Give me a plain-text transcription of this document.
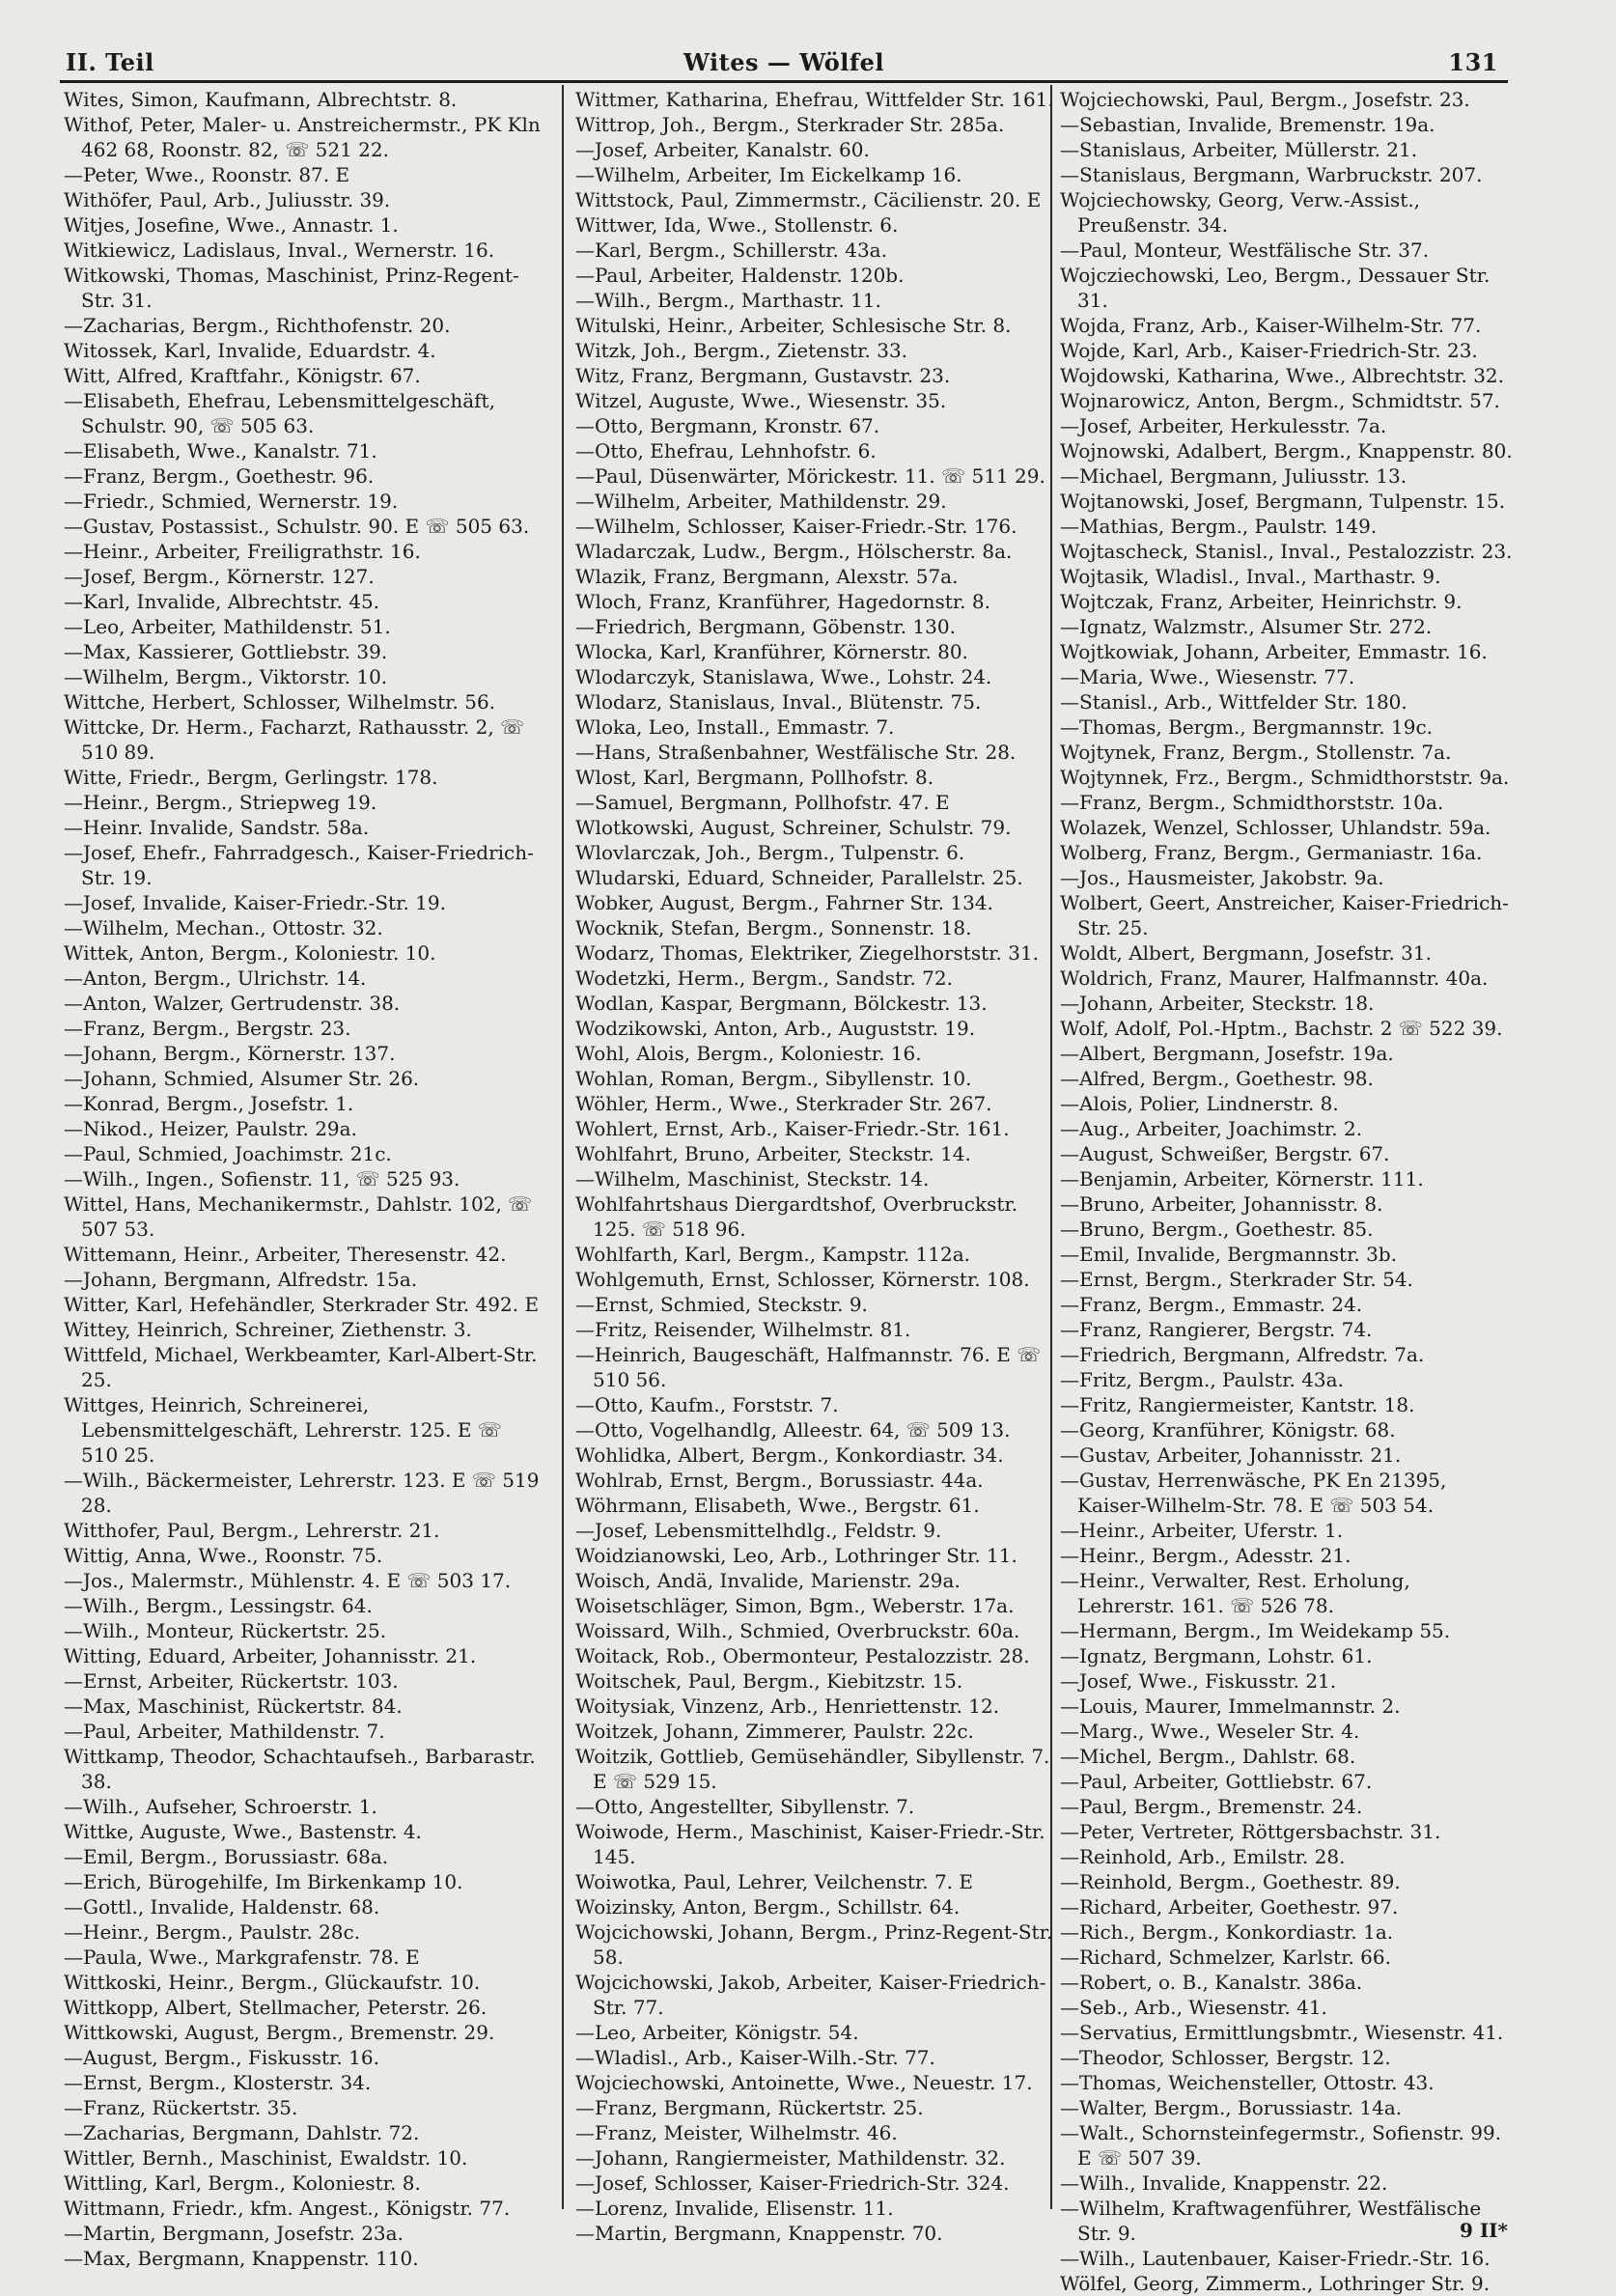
II. Teil	Wites — Wölfel	131

Wites, Simon, Kaufmann, Albrechtstr. 8.

Withof, Peter, Maler- u. Anstreichermstr., PK Kln 462 68, Roonstr. 82, ☏ 521 22.

—Peter, Wwe., Roonstr. 87. E

Withöfer, Paul, Arb., Juliusstr. 39.

Witjes, Josefine, Wwe., Annastr. 1.

Witkiewicz, Ladislaus, Inval., Wernerstr. 16.

Witkowski, Thomas, Maschinist, Prinz-Regent-Str. 31.

—Zacharias, Bergm., Richthofenstr. 20.

Witossek, Karl, Invalide, Eduardstr. 4.

Witt, Alfred, Kraftfahr., Königstr. 67.

—Elisabeth, Ehefrau, Lebensmittelgeschäft, Schulstr. 90, ☏ 505 63.

—Elisabeth, Wwe., Kanalstr. 71.

—Franz, Bergm., Goethestr. 96.

—Friedr., Schmied, Wernerstr. 19.

—Gustav, Postassist., Schulstr. 90. E ☏ 505 63.

—Heinr., Arbeiter, Freiligrathstr. 16.

—Josef, Bergm., Körnerstr. 127.

—Karl, Invalide, Albrechtstr. 45.

—Leo, Arbeiter, Mathildenstr. 51.

—Max, Kassierer, Gottliebstr. 39.

—Wilhelm, Bergm., Viktorstr. 10.

Wittche, Herbert, Schlosser, Wilhelmstr. 56.

Wittcke, Dr. Herm., Facharzt, Rathausstr. 2, ☏ 510 89.

Witte, Friedr., Bergm, Gerlingstr. 178.

—Heinr., Bergm., Striepweg 19.

—Heinr. Invalide, Sandstr. 58a.

—Josef, Ehefr., Fahrradgesch., Kaiser-Friedrich-Str. 19.

—Josef, Invalide, Kaiser-Friedr.-Str. 19.

—Wilhelm, Mechan., Ottostr. 32.

Wittek, Anton, Bergm., Koloniestr. 10.

—Anton, Bergm., Ulrichstr. 14.

—Anton, Walzer, Gertrudenstr. 38.

—Franz, Bergm., Bergstr. 23.

—Johann, Bergm., Körnerstr. 137.

—Johann, Schmied, Alsumer Str. 26.

—Konrad, Bergm., Josefstr. 1.

—Nikod., Heizer, Paulstr. 29a.

—Paul, Schmied, Joachimstr. 21c.

—Wilh., Ingen., Sofienstr. 11, ☏ 525 93.

Wittel, Hans, Mechanikermstr., Dahlstr. 102, ☏ 507 53.

Wittemann, Heinr., Arbeiter, Theresenstr. 42.

—Johann, Bergmann, Alfredstr. 15a.

Witter, Karl, Hefehändler, Sterkrader Str. 492. E

Wittey, Heinrich, Schreiner, Ziethenstr. 3.

Wittfeld, Michael, Werkbeamter, Karl-Albert-Str. 25.

Wittges, Heinrich, Schreinerei, Lebensmittelgeschäft, Lehrerstr. 125. E ☏ 510 25.

—Wilh., Bäckermeister, Lehrerstr. 123. E ☏ 519 28.

Witthofer, Paul, Bergm., Lehrerstr. 21.

Wittig, Anna, Wwe., Roonstr. 75.

—Jos., Malermstr., Mühlenstr. 4. E ☏ 503 17.

—Wilh., Bergm., Lessingstr. 64.

—Wilh., Monteur, Rückertstr. 25.

Witting, Eduard, Arbeiter, Johannisstr. 21.

—Ernst, Arbeiter, Rückertstr. 103.

—Max, Maschinist, Rückertstr. 84.

—Paul, Arbeiter, Mathildenstr. 7.

Wittkamp, Theodor, Schachtaufseh., Barbarastr. 38.

—Wilh., Aufseher, Schroerstr. 1.

Wittke, Auguste, Wwe., Bastenstr. 4.

—Emil, Bergm., Borussiastr. 68a.

—Erich, Bürogehilfe, Im Birkenkamp 10.

—Gottl., Invalide, Haldenstr. 68.

—Heinr., Bergm., Paulstr. 28c.

—Paula, Wwe., Markgrafenstr. 78. E

Wittkoski, Heinr., Bergm., Glückaufstr. 10.

Wittkopp, Albert, Stellmacher, Peterstr. 26.

Wittkowski, August, Bergm., Bremenstr. 29.

—August, Bergm., Fiskusstr. 16.

—Ernst, Bergm., Klosterstr. 34.

—Franz, Rückertstr. 35.

—Zacharias, Bergmann, Dahlstr. 72.

Wittler, Bernh., Maschinist, Ewaldstr. 10.

Wittling, Karl, Bergm., Koloniestr. 8.

Wittmann, Friedr., kfm. Angest., Königstr. 77.

—Martin, Bergmann, Josefstr. 23a.

—Max, Bergmann, Knappenstr. 110.

Wittmer, Katharina, Ehefrau, Wittfelder Str. 161.

Wittrop, Joh., Bergm., Sterkrader Str. 285a.

—Josef, Arbeiter, Kanalstr. 60.

—Wilhelm, Arbeiter, Im Eickelkamp 16.

Wittstock, Paul, Zimmermstr., Cäcilienstr. 20. E

Wittwer, Ida, Wwe., Stollenstr. 6.

—Karl, Bergm., Schillerstr. 43a.

—Paul, Arbeiter, Haldenstr. 120b.

—Wilh., Bergm., Marthastr. 11.

Witulski, Heinr., Arbeiter, Schlesische Str. 8.

Witzk, Joh., Bergm., Zietenstr. 33.

Witz, Franz, Bergmann, Gustavstr. 23.

Witzel, Auguste, Wwe., Wiesenstr. 35.

—Otto, Bergmann, Kronstr. 67.

—Otto, Ehefrau, Lehnhofstr. 6.

—Paul, Düsenwärter, Mörickestr. 11. ☏ 511 29.

—Wilhelm, Arbeiter, Mathildenstr. 29.

—Wilhelm, Schlosser, Kaiser-Friedr.-Str. 176.

Wladarczak, Ludw., Bergm., Hölscherstr. 8a.

Wlazik, Franz, Bergmann, Alexstr. 57a.

Wloch, Franz, Kranführer, Hagedornstr. 8.

—Friedrich, Bergmann, Göbenstr. 130.

Wlocka, Karl, Kranführer, Körnerstr. 80.

Wlodarczyk, Stanislawa, Wwe., Lohstr. 24.

Wlodarz, Stanislaus, Inval., Blütenstr. 75.

Wloka, Leo, Install., Emmastr. 7.

—Hans, Straßenbahner, Westfälische Str. 28.

Wlost, Karl, Bergmann, Pollhofstr. 8.

—Samuel, Bergmann, Pollhofstr. 47. E

Wlotkowski, August, Schreiner, Schulstr. 79.

Wlovlarczak, Joh., Bergm., Tulpenstr. 6.

Wludarski, Eduard, Schneider, Parallelstr. 25.

Wobker, August, Bergm., Fahrner Str. 134.

Wocknik, Stefan, Bergm., Sonnenstr. 18.

Wodarz, Thomas, Elektriker, Ziegelhorststr. 31.

Wodetzki, Herm., Bergm., Sandstr. 72.

Wodlan, Kaspar, Bergmann, Bölckestr. 13.

Wodzikowski, Anton, Arb., Auguststr. 19.

Wohl, Alois, Bergm., Koloniestr. 16.

Wohlan, Roman, Bergm., Sibyllenstr. 10.

Wöhler, Herm., Wwe., Sterkrader Str. 267.

Wohlert, Ernst, Arb., Kaiser-Friedr.-Str. 161.

Wohlfahrt, Bruno, Arbeiter, Steckstr. 14.

—Wilhelm, Maschinist, Steckstr. 14.

Wohlfahrtshaus Diergardtshof, Overbruckstr. 125. ☏ 518 96.

Wohlfarth, Karl, Bergm., Kampstr. 112a.

Wohlgemuth, Ernst, Schlosser, Körnerstr. 108.

—Ernst, Schmied, Steckstr. 9.

—Fritz, Reisender, Wilhelmstr. 81.

—Heinrich, Baugeschäft, Halfmannstr. 76. E ☏ 510 56.

—Otto, Kaufm., Forststr. 7.

—Otto, Vogelhandlg, Alleestr. 64, ☏ 509 13.

Wohlidka, Albert, Bergm., Konkordiastr. 34.

Wohlrab, Ernst, Bergm., Borussiastr. 44a.

Wöhrmann, Elisabeth, Wwe., Bergstr. 61.

—Josef, Lebensmittelhdlg., Feldstr. 9.

Woidzianowski, Leo, Arb., Lothringer Str. 11.

Woisch, Andä, Invalide, Marienstr. 29a.

Woisetschläger, Simon, Bgm., Weberstr. 17a.

Woissard, Wilh., Schmied, Overbruckstr. 60a.

Woitack, Rob., Obermonteur, Pestalozzistr. 28.

Woitschek, Paul, Bergm., Kiebitzstr. 15.

Woitysiak, Vinzenz, Arb., Henriettenstr. 12.

Woitzek, Johann, Zimmerer, Paulstr. 22c.

Woitzik, Gottlieb, Gemüsehändler, Sibyllenstr. 7. E ☏ 529 15.

—Otto, Angestellter, Sibyllenstr. 7.

Woiwode, Herm., Maschinist, Kaiser-Friedr.-Str. 145.

Woiwotka, Paul, Lehrer, Veilchenstr. 7. E

Woizinsky, Anton, Bergm., Schillstr. 64.

Wojcichowski, Johann, Bergm., Prinz-Regent-Str. 58.

Wojcichowski, Jakob, Arbeiter, Kaiser-Friedrich-Str. 77.

—Leo, Arbeiter, Königstr. 54.

—Wladisl., Arb., Kaiser-Wilh.-Str. 77.

Wojciechowski, Antoinette, Wwe., Neuestr. 17.

—Franz, Bergmann, Rückertstr. 25.

—Franz, Meister, Wilhelmstr. 46.

—Johann, Rangiermeister, Mathildenstr. 32.

—Josef, Schlosser, Kaiser-Friedrich-Str. 324.

—Lorenz, Invalide, Elisenstr. 11.

—Martin, Bergmann, Knappenstr. 70.

Wojciechowski, Paul, Bergm., Josefstr. 23.

—Sebastian, Invalide, Bremenstr. 19a.

—Stanislaus, Arbeiter, Müllerstr. 21.

—Stanislaus, Bergmann, Warbruckstr. 207.

Wojciechowsky, Georg, Verw.-Assist., Preußenstr. 34.

—Paul, Monteur, Westfälische Str. 37.

Wojcziechowski, Leo, Bergm., Dessauer Str. 31.

Wojda, Franz, Arb., Kaiser-Wilhelm-Str. 77.

Wojde, Karl, Arb., Kaiser-Friedrich-Str. 23.

Wojdowski, Katharina, Wwe., Albrechtstr. 32.

Wojnarowicz, Anton, Bergm., Schmidtstr. 57.

—Josef, Arbeiter, Herkulesstr. 7a.

Wojnowski, Adalbert, Bergm., Knappenstr. 80.

—Michael, Bergmann, Juliusstr. 13.

Wojtanowski, Josef, Bergmann, Tulpenstr. 15.

—Mathias, Bergm., Paulstr. 149.

Wojtascheck, Stanisl., Inval., Pestalozzistr. 23.

Wojtasik, Wladisl., Inval., Marthastr. 9.

Wojtczak, Franz, Arbeiter, Heinrichstr. 9.

—Ignatz, Walzmstr., Alsumer Str. 272.

Wojtkowiak, Johann, Arbeiter, Emmastr. 16.

—Maria, Wwe., Wiesenstr. 77.

—Stanisl., Arb., Wittfelder Str. 180.

—Thomas, Bergm., Bergmannstr. 19c.

Wojtynek, Franz, Bergm., Stollenstr. 7a.

Wojtynnek, Frz., Bergm., Schmidthorststr. 9a.

—Franz, Bergm., Schmidthorststr. 10a.

Wolazek, Wenzel, Schlosser, Uhlandstr. 59a.

Wolberg, Franz, Bergm., Germaniastr. 16a.

—Jos., Hausmeister, Jakobstr. 9a.

Wolbert, Geert, Anstreicher, Kaiser-Friedrich-Str. 25.

Woldt, Albert, Bergmann, Josefstr. 31.

Woldrich, Franz, Maurer, Halfmannstr. 40a.

—Johann, Arbeiter, Steckstr. 18.

Wolf, Adolf, Pol.-Hptm., Bachstr. 2 ☏ 522 39.

—Albert, Bergmann, Josefstr. 19a.

—Alfred, Bergm., Goethestr. 98.

—Alois, Polier, Lindnerstr. 8.

—Aug., Arbeiter, Joachimstr. 2.

—August, Schweißer, Bergstr. 67.

—Benjamin, Arbeiter, Körnerstr. 111.

—Bruno, Arbeiter, Johannisstr. 8.

—Bruno, Bergm., Goethestr. 85.

—Emil, Invalide, Bergmannstr. 3b.

—Ernst, Bergm., Sterkrader Str. 54.

—Franz, Bergm., Emmastr. 24.

—Franz, Rangierer, Bergstr. 74.

—Friedrich, Bergmann, Alfredstr. 7a.

—Fritz, Bergm., Paulstr. 43a.

—Fritz, Rangiermeister, Kantstr. 18.

—Georg, Kranführer, Königstr. 68.

—Gustav, Arbeiter, Johannisstr. 21.

—Gustav, Herrenwäsche, PK En 21395, Kaiser-Wilhelm-Str. 78. E ☏ 503 54.

—Heinr., Arbeiter, Uferstr. 1.

—Heinr., Bergm., Adesstr. 21.

—Heinr., Verwalter, Rest. Erholung, Lehrerstr. 161. ☏ 526 78.

—Hermann, Bergm., Im Weidekamp 55.

—Ignatz, Bergmann, Lohstr. 61.

—Josef, Wwe., Fiskusstr. 21.

—Louis, Maurer, Immelmannstr. 2.

—Marg., Wwe., Weseler Str. 4.

—Michel, Bergm., Dahlstr. 68.

—Paul, Arbeiter, Gottliebstr. 67.

—Paul, Bergm., Bremenstr. 24.

—Peter, Vertreter, Röttgersbachstr. 31.

—Reinhold, Arb., Emilstr. 28.

—Reinhold, Bergm., Goethestr. 89.

—Richard, Arbeiter, Goethestr. 97.

—Rich., Bergm., Konkordiastr. 1a.

—Richard, Schmelzer, Karlstr. 66.

—Robert, o. B., Kanalstr. 386a.

—Seb., Arb., Wiesenstr. 41.

—Servatius, Ermittlungsbmtr., Wiesenstr. 41.

—Theodor, Schlosser, Bergstr. 12.

—Thomas, Weichensteller, Ottostr. 43.

—Walter, Bergm., Borussiastr. 14a.

—Walt., Schornsteinfegermstr., Sofienstr. 99. E ☏ 507 39.

—Wilh., Invalide, Knappenstr. 22.

—Wilhelm, Kraftwagenführer, Westfälische Str. 9.

—Wilh., Lautenbauer, Kaiser-Friedr.-Str. 16.

Wölfel, Georg, Zimmerm., Lothringer Str. 9.

9 II*
